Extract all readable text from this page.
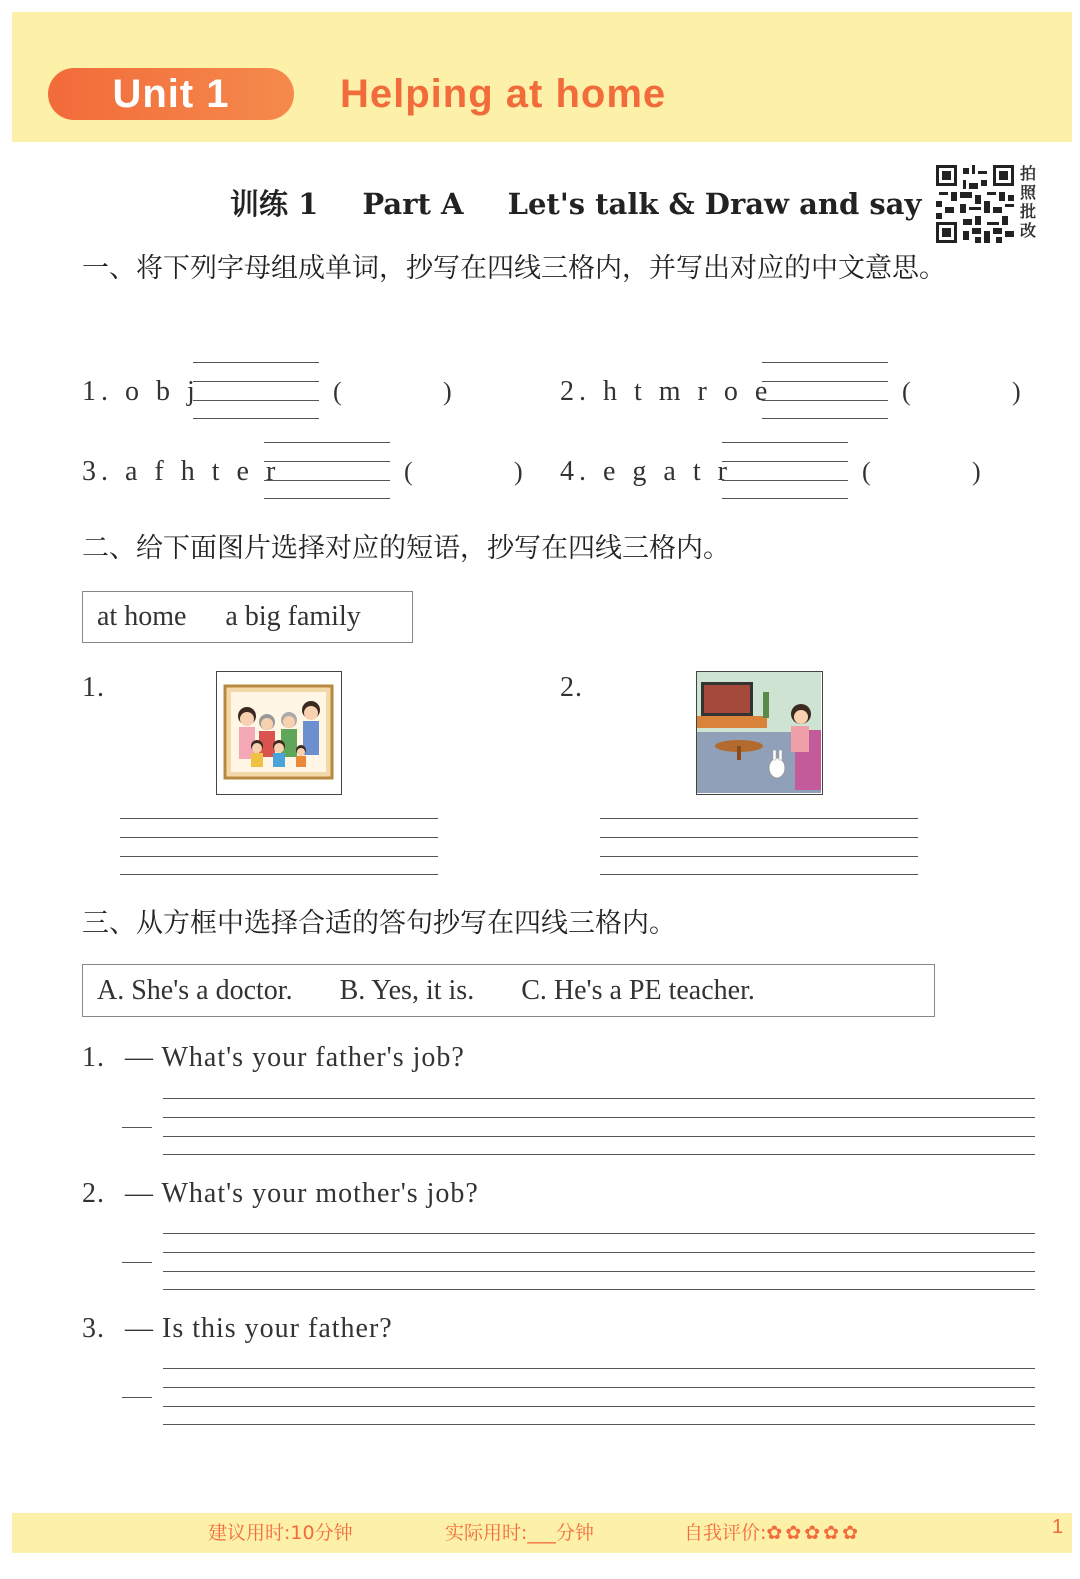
Unit 1	Helping at home
训练 1 Part A Let's talk & Draw and say
拍照批改
一、将下列字母组成单词，抄写在四线三格内，并写出对应的中文意思。
1. o b j	(	)	2. h t m r o e	(	)
3. a f h t e r	(	) 4. e g a t r	(	)
二、给下面图片选择对应的短语，抄写在四线三格内。
at home a big family
1.	2.
三、从方框中选择合适的答句抄写在四线三格内。
A. She's a doctor. B. Yes, it is. C. He's a PE teacher.
1. — What's your father's job?
2. — What's your mother's job?
3. — Is this your father?
建议用时:10分钟	实际用时:___分钟	自我评价:✿✿✿✿✿	1
